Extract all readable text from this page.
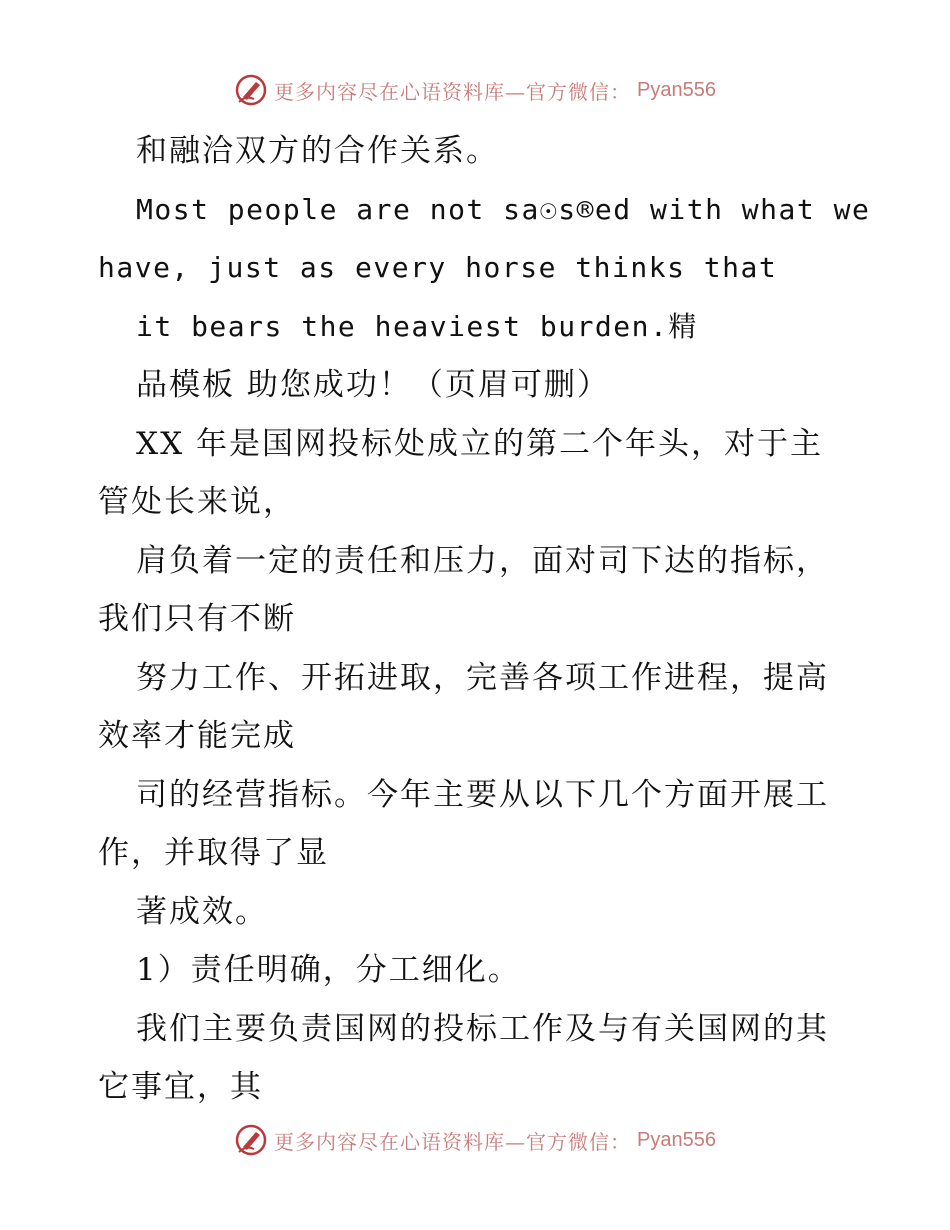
更多内容尽在心语资料库—官方微信： Pyan556
和融洽双方的合作关系。
Most people are not sa☉s®ed with what we
have, just as every horse thinks that
it bears the heaviest burden.精
品模板 助您成功！（页眉可删）
XX 年是国网投标处成立的第二个年头，对于主
管处长来说，
肩负着一定的责任和压力，面对司下达的指标，
我们只有不断
努力工作、开拓进取，完善各项工作进程，提高
效率才能完成
司的经营指标。今年主要从以下几个方面开展工
作，并取得了显
著成效。
1）责任明确，分工细化。
我们主要负责国网的投标工作及与有关国网的其
它事宜，其
更多内容尽在心语资料库—官方微信： Pyan556
